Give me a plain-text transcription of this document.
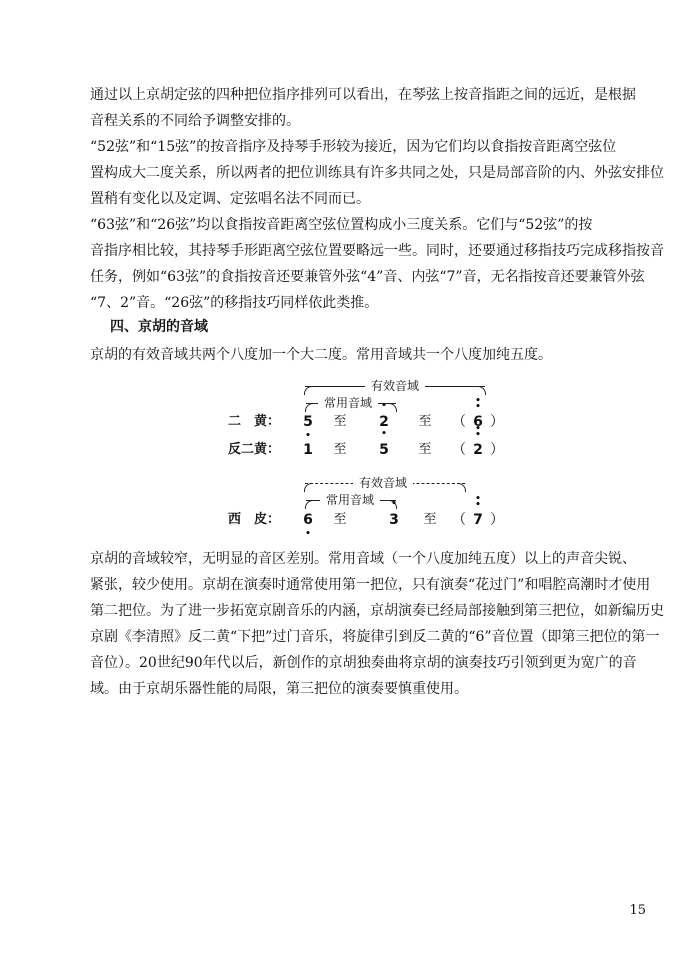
通过以上京胡定弦的四种把位指序排列可以看出，在琴弦上按音指距之间的远近，是根据
音程关系的不同给予调整安排的。

“52弦”和“15弦”的按音指序及持琴手形较为接近，因为它们均以食指按音距离空弦位
置构成大二度关系，所以两者的把位训练具有许多共同之处，只是局部音阶的内、外弦安排位
置稍有变化以及定调、定弦唱名法不同而已。

“63弦”和“26弦”均以食指按音距离空弦位置构成小三度关系。它们与“52弦”的按
音指序相比较，其持琴手形距离空弦位置要略远一些。同时，还要通过移指技巧完成移指按音
任务，例如“63弦”的食指按音还要兼管外弦“4”音、内弦“7”音，无名指按音还要兼管外弦
“7、2”音。“26弦”的移指技巧同样依此类推。

四、京胡的音域

京胡的有效音域共两个八度加一个大二度。常用音域共一个八度加纯五度。

有效音域
常用音域
二　黄：	5 •	至	• 2	至 （ • 6 • ）
反二黄：	1	至	• 5	至 （ • 2 • ）
有效音域
常用音域
西　皮：	6 •	至	• 3	至 （ • 7 • ）

京胡的音域较窄，无明显的音区差别。常用音域（一个八度加纯五度）以上的声音尖锐、
紧张，较少使用。京胡在演奏时通常使用第一把位，只有演奏“花过门”和唱腔高潮时才使用
第二把位。为了进一步拓宽京剧音乐的内涵，京胡演奏已经局部接触到第三把位，如新编历史
京剧《李清照》反二黄“下把”过门音乐，将旋律引到反二黄的“6”音位置（即第三把位的第一
音位）。20世纪90年代以后，新创作的京胡独奏曲将京胡的演奏技巧引领到更为宽广的音
域。由于京胡乐器性能的局限，第三把位的演奏要慎重使用。

15
